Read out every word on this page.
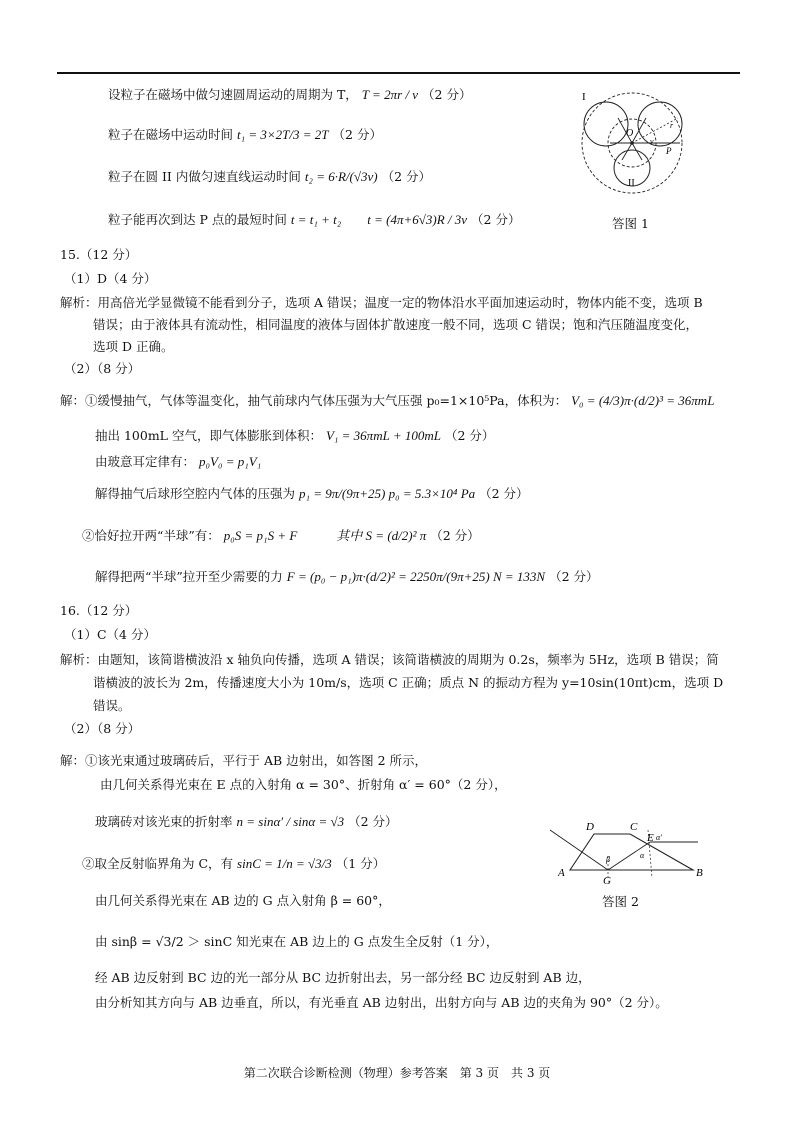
设粒子在磁场中做匀速圆周运动的周期为 T， T = 2πr / v （2 分）
粒子在磁场中运动时间 t₁ = 3×2T/3 = 2T （2 分）
粒子在圆 II 内做匀速直线运动时间 t₂ = 6·R/(√3v) （2 分）
粒子能再次到达 P 点的最短时间 t = t₁ + t₂　　t = (4π+6√3)R / 3v （2 分）
I
II
O
P
v
r
答图 1
15.（12 分）
（1）D（4 分）
解析：用高倍光学显微镜不能看到分子，选项 A 错误；温度一定的物体沿水平面加速运动时，物体内能不变，选项 B
错误；由于液体具有流动性，相同温度的液体与固体扩散速度一般不同，选项 C 错误；饱和汽压随温度变化，
选项 D 正确。
（2）（8 分）
解：①缓慢抽气，气体等温变化，抽气前球内气体压强为大气压强 p₀=1×10⁵Pa，体积为： V₀ = (4/3)π·(d/2)³ = 36πmL
抽出 100mL 空气，即气体膨胀到体积： V₁ = 36πmL + 100mL （2 分）
由玻意耳定律有： p₀V₀ = p₁V₁
解得抽气后球形空腔内气体的压强为 p₁ = 9π/(9π+25) p₀ = 5.3×10⁴ Pa （2 分）
②恰好拉开两“半球”有： p₀S = p₁S + F　　　其中 S = (d/2)² π （2 分）
解得把两“半球”拉开至少需要的力 F = (p₀ − p₁)π·(d/2)² = 2250π/(9π+25) N = 133N （2 分）
16.（12 分）
（1）C（4 分）
解析：由题知，该简谐横波沿 x 轴负向传播，选项 A 错误；该简谐横波的周期为 0.2s，频率为 5Hz，选项 B 错误；简
谐横波的波长为 2m，传播速度大小为 10m/s，选项 C 正确；质点 N 的振动方程为 y=10sin(10πt)cm，选项 D
错误。
（2）（8 分）
解：①该光束通过玻璃砖后，平行于 AB 边射出，如答图 2 所示，
由几何关系得光束在 E 点的入射角 α = 30°、折射角 α′ = 60°（2 分），
玻璃砖对该光束的折射率 n = sinα′ / sinα = √3 （2 分）
②取全反射临界角为 C，有 sinC = 1/n = √3/3 （1 分）
由几何关系得光束在 AB 边的 G 点入射角 β = 60°，
由 sinβ = √3/2 ＞ sinC 知光束在 AB 边上的 G 点发生全反射（1 分），
经 AB 边反射到 BC 边的光一部分从 BC 边折射出去，另一部分经 BC 边反射到 AB 边，
由分析知其方向与 AB 边垂直，所以，有光垂直 AB 边射出，出射方向与 AB 边的夹角为 90°（2 分）。
A	B
C
D
E
G
β	α
α′
答图 2
第二次联合诊断检测（物理）参考答案　第 3 页　共 3 页
